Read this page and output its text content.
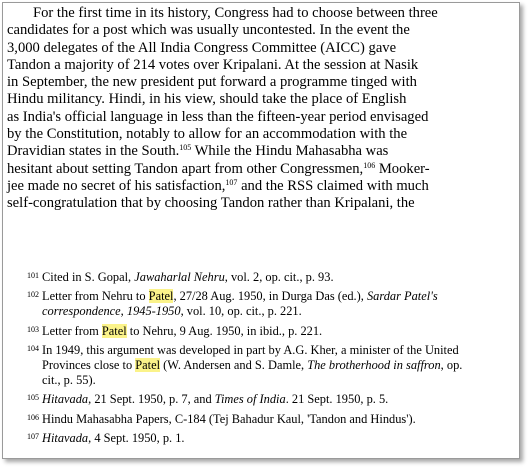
For the first time in its history, Congress had to choose between three
candidates for a post which was usually uncontested. In the event the
3,000 delegates of the All India Congress Committee (AICC) gave
Tandon a majority of 214 votes over Kripalani. At the session at Nasik
in September, the new president put forward a programme tinged with
Hindu militancy. Hindi, in his view, should take the place of English
as India's official language in less than the fifteen-year period envisaged
by the Constitution, notably to allow for an accommodation with the
Dravidian states in the South.$^{105}$ While the Hindu Mahasabha was
hesitant about setting Tandon apart from other Congressmen,$^{106}$ Mooker-
jee made no secret of his satisfaction,$^{107}$ and the RSS claimed with much
self-congratulation that by choosing Tandon rather than Kripalani, the
101 Cited in S. Gopal, Jawaharlal Nehru, vol. 2, op. cit., p. 93.
102 Letter from Nehru to Patel, 27/28 Aug. 1950, in Durga Das (ed.), Sardar Patel's
correspondence, 1945-1950, vol. 10, op. cit., p. 221.
103 Letter from Patel to Nehru, 9 Aug. 1950, in ibid., p. 221.
104 In 1949, this argument was developed in part by A.G. Kher, a minister of the United
Provinces close to Patel (W. Andersen and S. Damle, The brotherhood in saffron, op.
cit., p. 55).
105 Hitavada, 21 Sept. 1950, p. 7, and Times of India. 21 Sept. 1950, p. 5.
106 Hindu Mahasabha Papers, C-184 (Tej Bahadur Kaul, 'Tandon and Hindus').
107 Hitavada, 4 Sept. 1950, p. 1.
